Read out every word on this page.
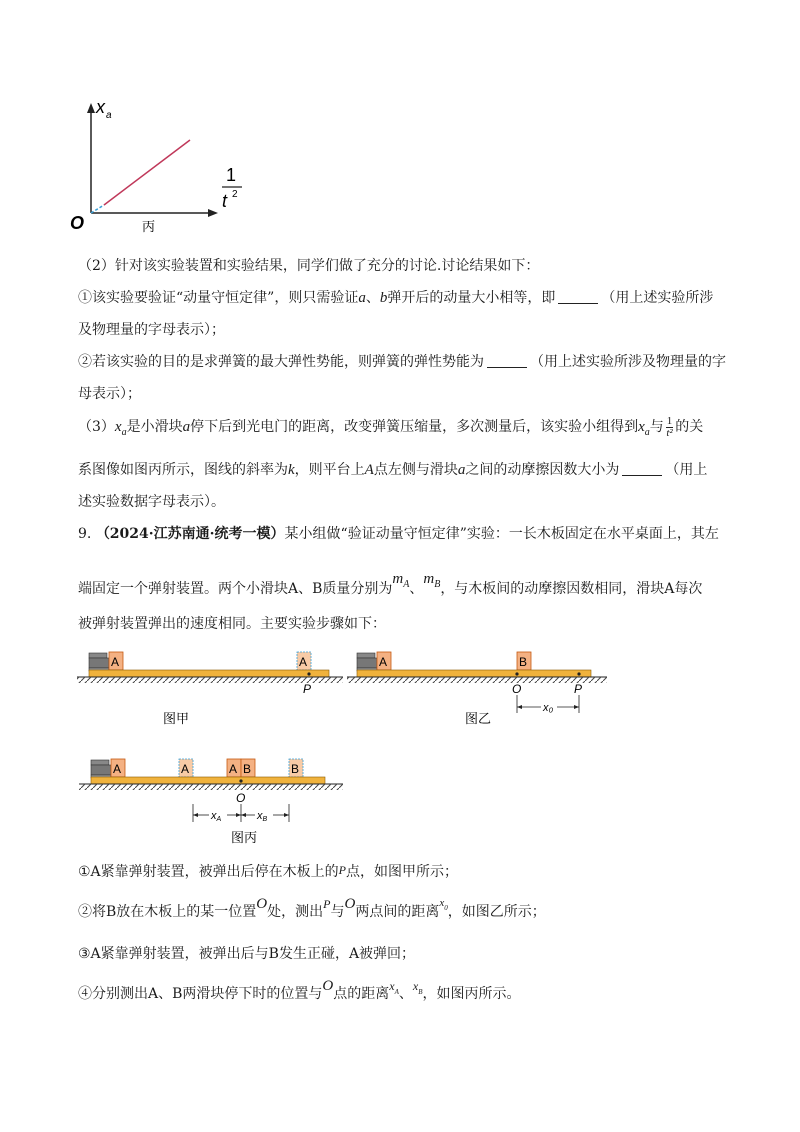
x a
O	丙
1
t 2
（2）针对该实验装置和实验结果，同学们做了充分的讨论.讨论结果如下：
①该实验要验证“动量守恒定律”，则只需验证a、b弹开后的动量大小相等，即	（用上述实验所涉
及物理量的字母表示）；
②若该实验的目的是求弹簧的最大弹性势能，则弹簧的弹性势能为	（用上述实验所涉及物理量的字
母表示）；
$(3)x_a$是小滑块a停下后到光电门的距离，改变弹簧压缩量，多次测量后，该实验小组得到$x_a$与 $\frac{1}{\text{t²}}$ 的关
系图像如图丙所示，图线的斜率为k，则平台上A点左侧与滑块a之间的动摩擦因数大小为	（用上
述实验数据字母表示）。
9. （2024·江苏南通·统考一模）某小组做“验证动量守恒定律”实验：一长木板固定在水平桌面上，其左
端固定一个弹射装置。两个小滑块A、B质量分别为$m_A$、$m_B$，与木板间的动摩擦因数相同，滑块A每次
被弹射装置弹出的速度相同。主要实验步骤如下：
A	A
P
图甲
A	B
O	P
x₀
图乙
A	A	A B	B
O
xA	xB
图丙
①A紧靠弹射装置，被弹出后停在木板上的P点，如图甲所示；
②将B放在木板上的某一位置O处，测出P与O两点间的距离$x_0$，如图乙所示；
③A紧靠弹射装置，被弹出后与B发生正碰，A被弹回；
④分别测出A、B两滑块停下时的位置与O点的距离$x_A$、$x_B$，如图丙所示。
